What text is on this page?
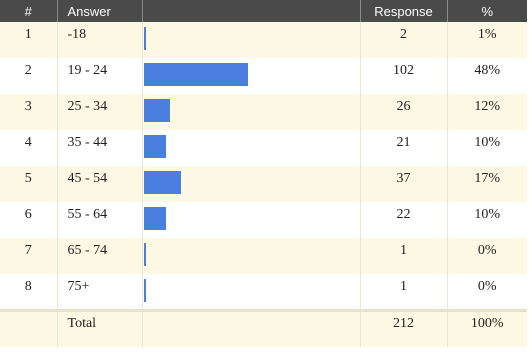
#	Answer		Response	%
1	-18		2	1%
2	19 - 24		102	48%
3	25 - 34		26	12%
4	35 - 44		21	10%
5	45 - 54		37	17%
6	55 - 64		22	10%
7	65 - 74		1	0%
8	75+		1	0%
	Total		212	100%
